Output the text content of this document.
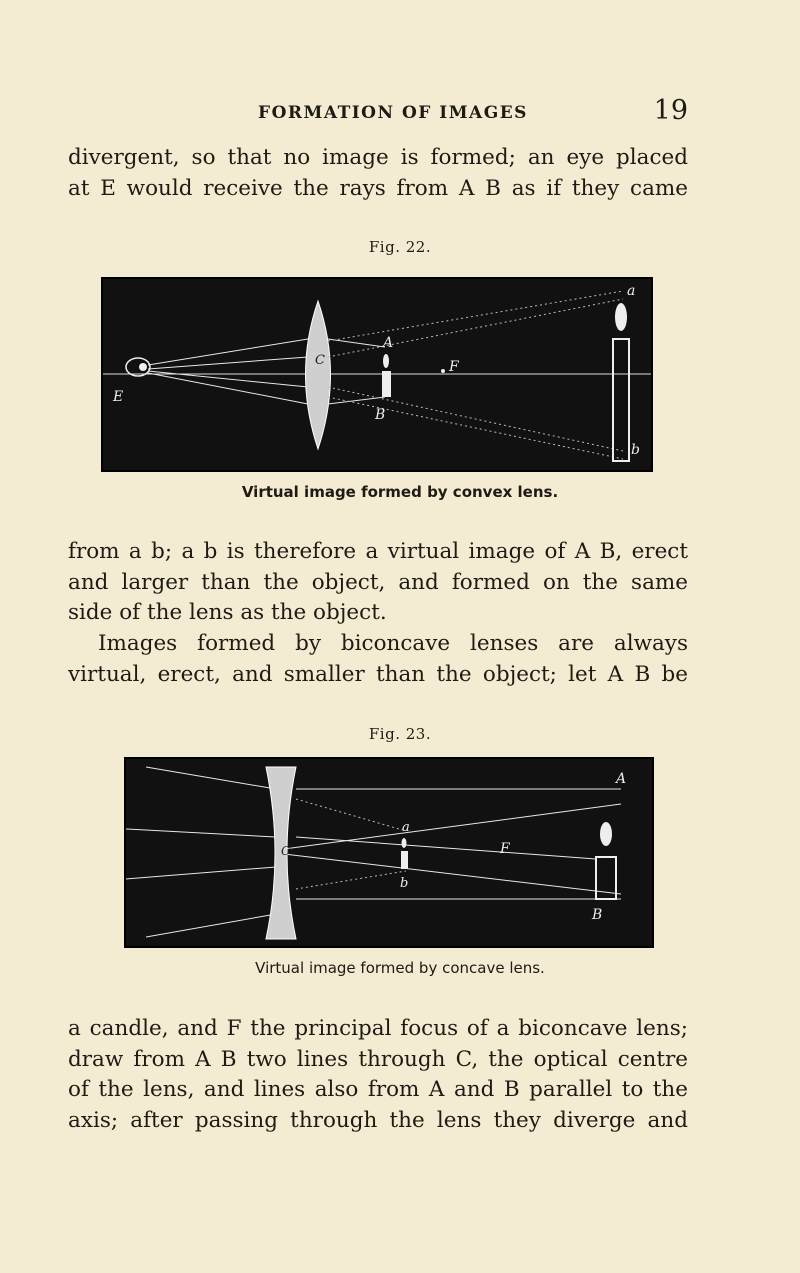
FORMATION OF IMAGES	19
divergent, so that no image is formed; an eye placed
at E would receive the rays from A B as if they came
Fig. 22.
E
C
A
B
F
a
b
Virtual image formed by convex lens.
from a b; a b is therefore a virtual image of A B, erect
and larger than the object, and formed on the same
side of the lens as the object.
Images formed by biconcave lenses are always
virtual, erect, and smaller than the object; let A B be
Fig. 23.
C
a
b
F
A
B
Virtual image formed by concave lens.
a candle, and F the principal focus of a biconcave lens;
draw from A B two lines through C, the optical centre
of the lens, and lines also from A and B parallel to the
axis; after passing through the lens they diverge and
